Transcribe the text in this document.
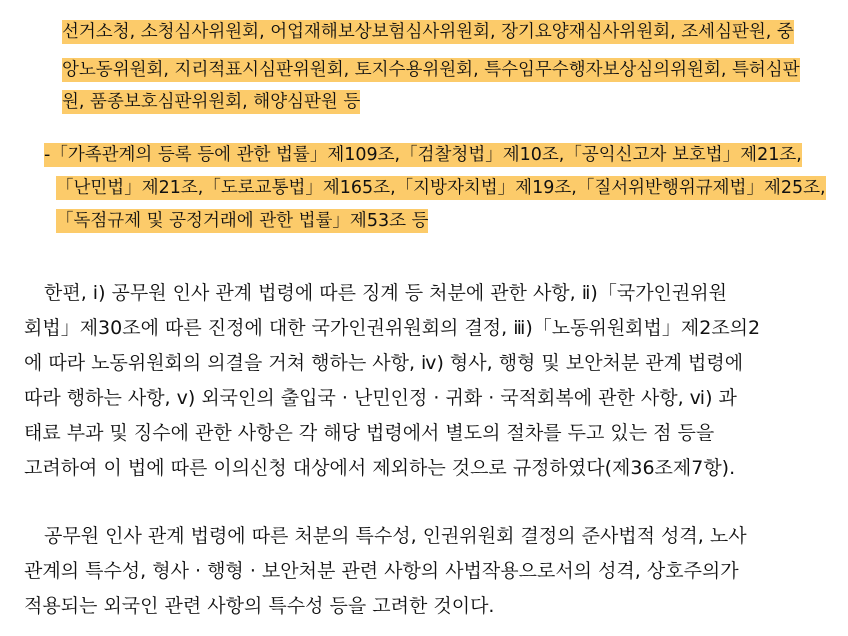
선거소청, 소청심사위원회, 어업재해보상보험심사위원회, 장기요양재심사위원회, 조세심판원, 중
앙노동위원회, 지리적표시심판위원회, 토지수용위원회, 특수임무수행자보상심의위원회, 특허심판
원, 품종보호심판위원회, 해양심판원 등
-「가족관계의 등록 등에 관한 법률」제109조,「검찰청법」제10조,「공익신고자 보호법」제21조,
「난민법」제21조,「도로교통법」제165조,「지방자치법」제19조,「질서위반행위규제법」제25조,
「독점규제 및 공정거래에 관한 법률」제53조 등
한편, ⅰ) 공무원 인사 관계 법령에 따른 징계 등 처분에 관한 사항, ⅱ)「국가인권위원
회법」제30조에 따른 진정에 대한 국가인권위원회의 결정, ⅲ)「노동위원회법」제2조의2
에 따라 노동위원회의 의결을 거쳐 행하는 사항, ⅳ) 형사, 행형 및 보안처분 관계 법령에
따라 행하는 사항, ⅴ) 외국인의 출입국 · 난민인정 · 귀화 · 국적회복에 관한 사항, ⅵ) 과
태료 부과 및 징수에 관한 사항은 각 해당 법령에서 별도의 절차를 두고 있는 점 등을
고려하여 이 법에 따른 이의신청 대상에서 제외하는 것으로 규정하였다(제36조제7항).
공무원 인사 관계 법령에 따른 처분의 특수성, 인권위원회 결정의 준사법적 성격, 노사
관계의 특수성, 형사 · 행형 · 보안처분 관련 사항의 사법작용으로서의 성격, 상호주의가
적용되는 외국인 관련 사항의 특수성 등을 고려한 것이다.
